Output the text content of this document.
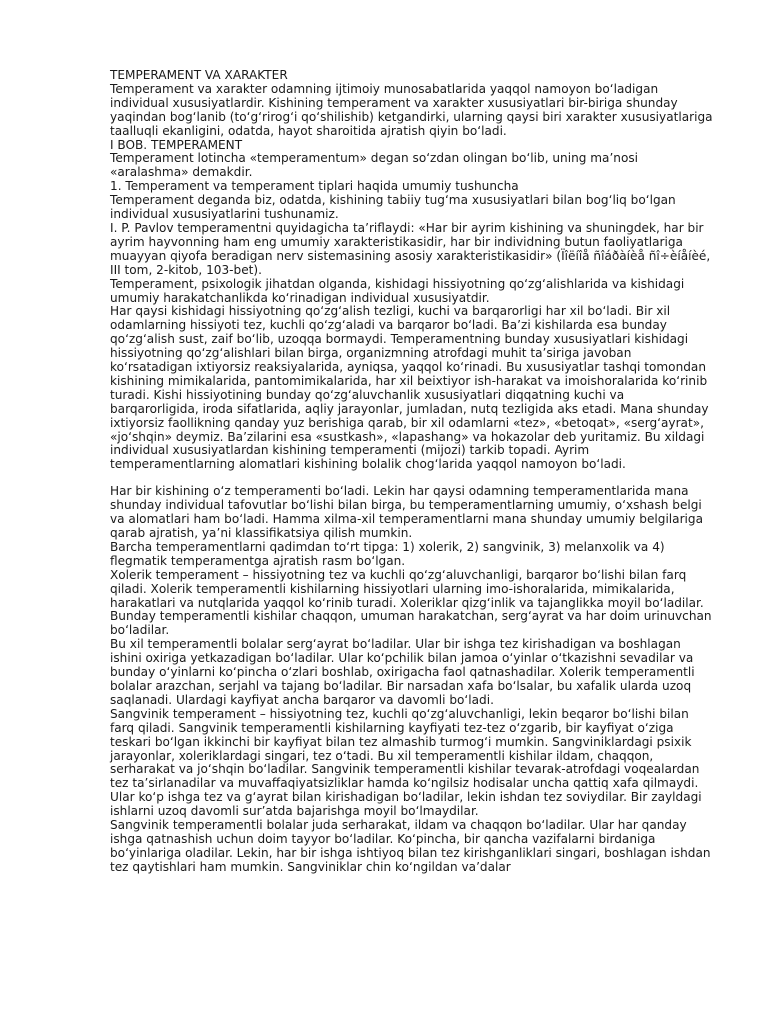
TEMPERAMENT VA XARAKTER

Temperament va xarakter odamning ijtimoiy munosabatlarida yaqqol namoyon bo‘ladigan individual xususiyatlardir. Kishining temperament va xarakter xususiyatlari bir-biriga shunday yaqindan bog‘lanib (to‘g‘rirog‘i qo‘shilishib) ketgandirki, ularning qaysi biri xarakter xususiyatlariga taalluqli ekanligini, odatda, hayot sharoitida ajratish qiyin bo‘ladi.

I BOB. TEMPERAMENT

Temperament lotincha «temperamentum» degan so‘zdan olingan bo‘lib, uning ma’nosi «aralashma» demakdir.

1. Temperament va temperament tiplari haqida umumiy tushuncha

Temperament deganda biz, odatda, kishining tabiiy tug‘ma xususiyatlari bilan bog‘liq bo‘lgan individual xususiyatlarini tushunamiz.

I. P. Pavlov temperamentni quyidagicha ta’riflaydi: «Har bir ayrim kishining va shuningdek, har bir ayrim hayvonning ham eng umumiy xarakteristikasidir, har bir individning butun faoliyatlariga muayyan qiyofa beradigan nerv sistemasining asosiy xarakteristikasidir» (Ïîëíîå ñîáðàíèå ñî÷èíåíèé, III tom, 2-kitob, 103-bet).

Temperament, psixologik jihatdan olganda, kishidagi hissiyotning qo‘zg‘alishlarida va kishidagi umumiy harakatchanlikda ko‘rinadigan individual xususiyatdir.

Har qaysi kishidagi hissiyotning qo‘zg‘alish tezligi, kuchi va barqarorligi har xil bo‘ladi. Bir xil odamlarning hissiyoti tez, kuchli qo‘zg‘aladi va barqaror bo‘ladi. Ba’zi kishilarda esa bunday qo‘zg‘alish sust, zaif bo‘lib, uzoqqa bormaydi. Temperamentning bunday xususiyatlari kishidagi hissiyotning qo‘zg‘alishlari bilan birga, organizmning atrofdagi muhit ta’siriga javoban ko‘rsatadigan ixtiyorsiz reaksiyalarida, ayniqsa, yaqqol ko‘rinadi. Bu xususiyatlar tashqi tomondan kishining mimikalarida, pantomimikalarida, har xil beixtiyor ish-harakat va imoishoralarida ko‘rinib turadi. Kishi hissiyotining bunday qo‘zg‘aluvchanlik xususiyatlari diqqatning kuchi va barqarorligida, iroda sifatlarida, aqliy jarayonlar, jumladan, nutq tezligida aks etadi. Mana shunday ixtiyorsiz faollikning qanday yuz berishiga qarab, bir xil odamlarni «tez», «betoqat», «serg‘ayrat», «jo‘shqin» deymiz. Ba’zilarini esa «sustkash», «lapashang» va hokazolar deb yuritamiz. Bu xildagi individual xususiyatlardan kishining temperamenti (mijozi) tarkib topadi. Ayrim temperamentlarning alomatlari kishining bolalik chog‘larida yaqqol namoyon bo‘ladi.

Har bir kishining o‘z temperamenti bo‘ladi. Lekin har qaysi odamning temperamentlarida mana shunday individual tafovutlar bo‘lishi bilan birga, bu temperamentlarning umumiy, o‘xshash belgi va alomatlari ham bo‘ladi. Hamma xilma-xil temperamentlarni mana shunday umumiy belgilariga qarab ajratish, ya’ni klassifikatsiya qilish mumkin.

Barcha temperamentlarni qadimdan to‘rt tipga: 1) xolerik, 2) sangvinik, 3) melanxolik va 4) flegmatik temperamentga ajratish rasm bo‘lgan.

Xolerik temperament – hissiyotning tez va kuchli qo‘zg‘aluvchanligi, barqaror bo‘lishi bilan farq qiladi. Xolerik temperamentli kishilarning hissiyotlari ularning imo-ishoralarida, mimikalarida, harakatlari va nutqlarida yaqqol ko‘rinib turadi. Xoleriklar qizg‘inlik va tajanglikka moyil bo‘ladilar. Bunday temperamentli kishilar chaqqon, umuman harakatchan, serg‘ayrat va har doim urinuvchan bo‘ladilar.

Bu xil temperamentli bolalar serg‘ayrat bo‘ladilar. Ular bir ishga tez kirishadigan va boshlagan ishini oxiriga yetkazadigan bo‘ladilar. Ular ko‘pchilik bilan jamoa o‘yinlar o‘tkazishni sevadilar va bunday o‘yinlarni ko‘pincha o‘zlari boshlab, oxirigacha faol qatnashadilar. Xolerik temperamentli bolalar arazchan, serjahl va tajang bo‘ladilar. Bir narsadan xafa bo‘lsalar, bu xafalik ularda uzoq saqlanadi. Ulardagi kayfiyat ancha barqaror va davomli bo‘ladi.

Sangvinik temperament – hissiyotning tez, kuchli qo‘zg‘aluvchanligi, lekin beqaror bo‘lishi bilan farq qiladi. Sangvinik temperamentli kishilarning kayfiyati tez-tez o‘zgarib, bir kayfiyat o‘ziga teskari bo‘lgan ikkinchi bir kayfiyat bilan tez almashib turmog‘i mumkin. Sangviniklardagi psixik jarayonlar, xoleriklardagi singari, tez o‘tadi. Bu xil temperamentli kishilar ildam, chaqqon, serharakat va jo‘shqin bo‘ladilar. Sangvinik temperamentli kishilar tevarak-atrofdagi voqealardan tez ta’sirlanadilar va muvaffaqiyatsizliklar hamda ko‘ngilsiz hodisalar uncha qattiq xafa qilmaydi. Ular ko‘p ishga tez va g‘ayrat bilan kirishadigan bo‘ladilar, lekin ishdan tez soviydilar. Bir zayldagi ishlarni uzoq davomli sur’atda bajarishga moyil bo‘lmaydilar.

Sangvinik temperamentli bolalar juda serharakat, ildam va chaqqon bo‘ladilar. Ular har qanday ishga qatnashish uchun doim tayyor bo‘ladilar. Ko‘pincha, bir qancha vazifalarni birdaniga bo‘yinlariga oladilar. Lekin, har bir ishga ishtiyoq bilan tez kirishganliklari singari, boshlagan ishdan tez qaytishlari ham mumkin. Sangviniklar chin ko‘ngildan va’dalar
